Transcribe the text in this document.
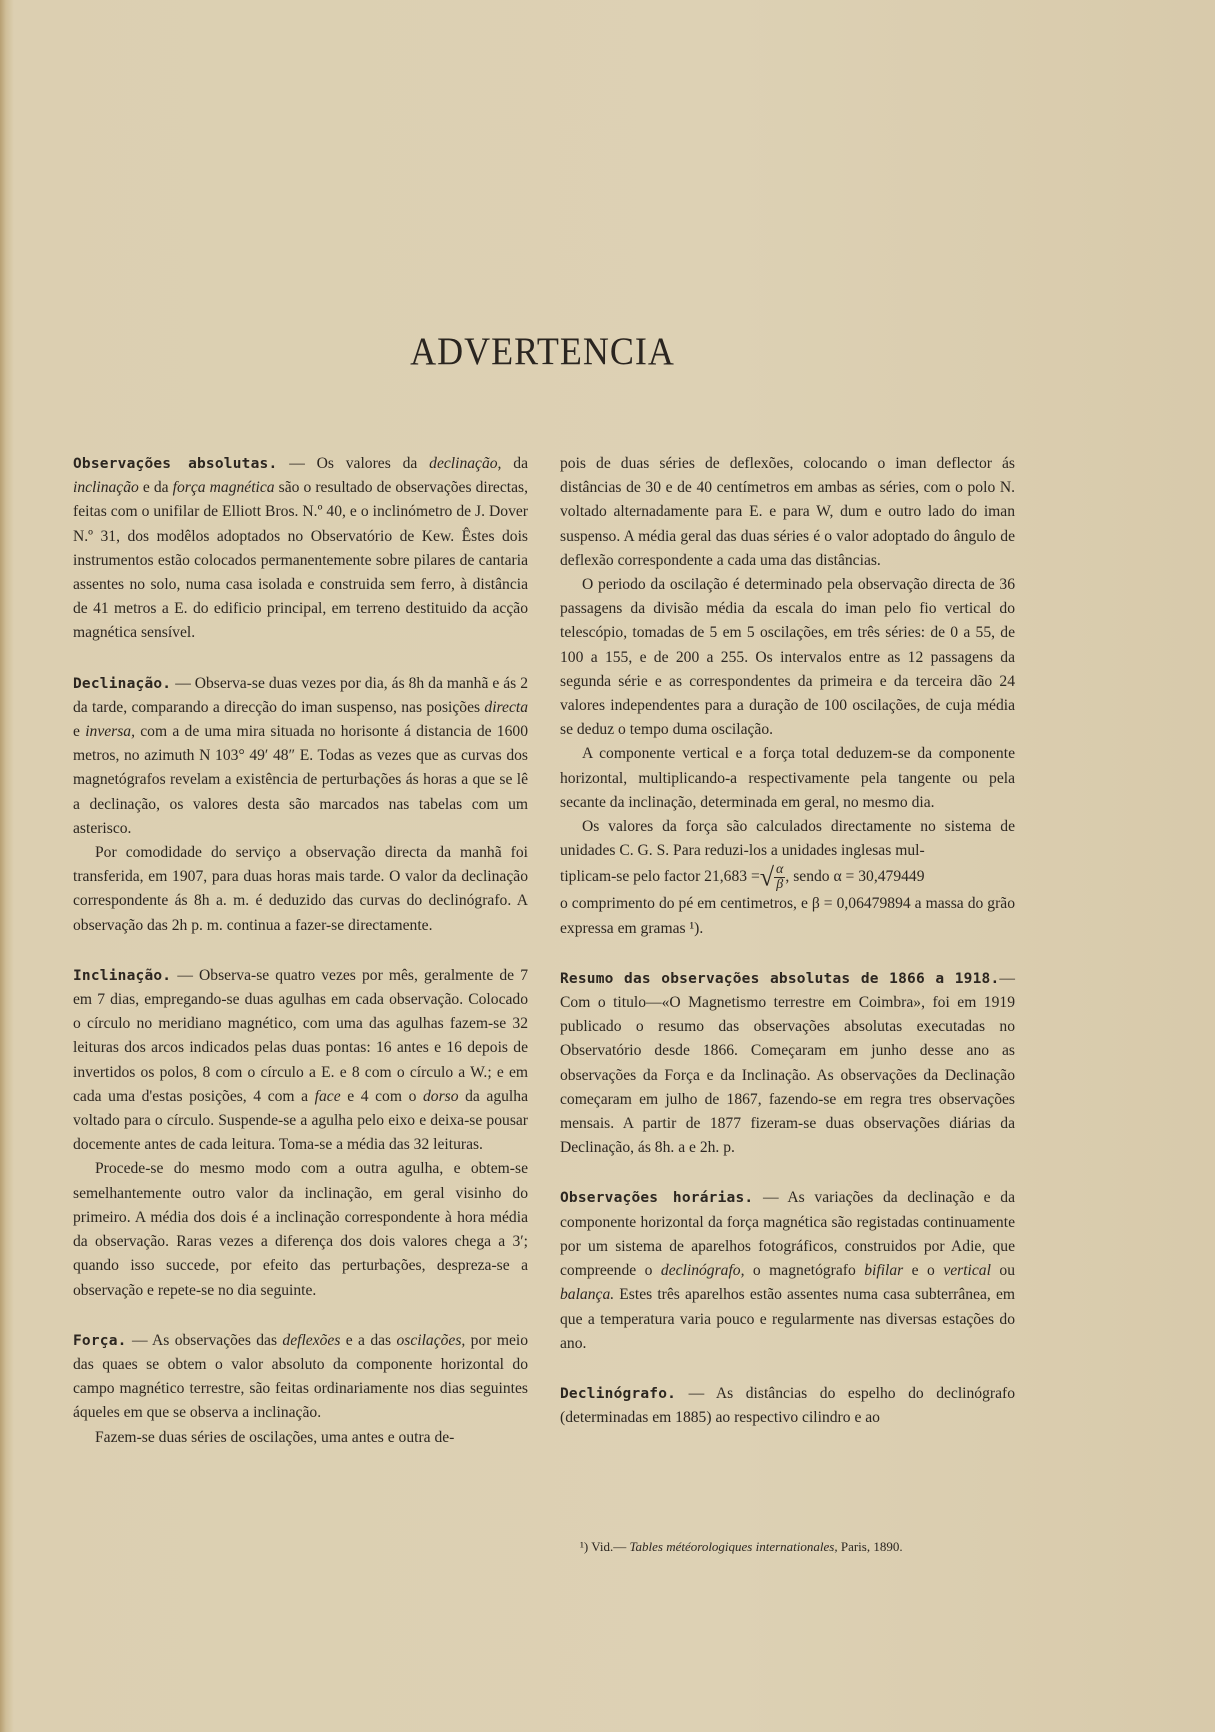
ADVERTENCIA

Observações absolutas. — Os valores da declinação, da inclinação e da força magnética são o resultado de observações directas, feitas com o unifilar de Elliott Bros. N.º 40, e o inclinómetro de J. Dover N.º 31, dos modêlos adoptados no Observatório de Kew. Êstes dois instrumentos estão colocados permanentemente sobre pilares de cantaria assentes no solo, numa casa isolada e construida sem ferro, à distância de 41 metros a E. do edificio principal, em terreno destituido da acção magnética sensível.

Declinação. — Observa-se duas vezes por dia, ás 8h da manhã e ás 2 da tarde, comparando a direcção do iman suspenso, nas posições directa e inversa, com a de uma mira situada no horisonte á distancia de 1600 metros, no azimuth N 103° 49′ 48″ E. Todas as vezes que as curvas dos magnetógrafos revelam a existência de perturbações ás horas a que se lê a declinação, os valores desta são marcados nas tabelas com um asterisco.

Por comodidade do serviço a observação directa da manhã foi transferida, em 1907, para duas horas mais tarde. O valor da declinação correspondente ás 8h a. m. é deduzido das curvas do declinógrafo. A observação das 2h p. m. continua a fazer-se directamente.

Inclinação. — Observa-se quatro vezes por mês, geralmente de 7 em 7 dias, empregando-se duas agulhas em cada observação. Colocado o círculo no meridiano magnético, com uma das agulhas fazem-se 32 leituras dos arcos indicados pelas duas pontas: 16 antes e 16 depois de invertidos os polos, 8 com o círculo a E. e 8 com o círculo a W.; e em cada uma d'estas posições, 4 com a face e 4 com o dorso da agulha voltado para o círculo. Suspende-se a agulha pelo eixo e deixa-se pousar docemente antes de cada leitura. Toma-se a média das 32 leituras.

Procede-se do mesmo modo com a outra agulha, e obtem-se semelhantemente outro valor da inclinação, em geral visinho do primeiro. A média dos dois é a inclinação correspondente à hora média da observação. Raras vezes a diferença dos dois valores chega a 3′; quando isso succede, por efeito das perturbações, despreza-se a observação e repete-se no dia seguinte.

Força. — As observações das deflexões e a das oscilações, por meio das quaes se obtem o valor absoluto da componente horizontal do campo magnético terrestre, são feitas ordinariamente nos dias seguintes áqueles em que se observa a inclinação.

Fazem-se duas séries de oscilações, uma antes e outra de-

pois de duas séries de deflexões, colocando o iman deflector ás distâncias de 30 e de 40 centímetros em ambas as séries, com o polo N. voltado alternadamente para E. e para W, dum e outro lado do iman suspenso. A média geral das duas séries é o valor adoptado do ângulo de deflexão correspondente a cada uma das distâncias.

O periodo da oscilação é determinado pela observação directa de 36 passagens da divisão média da escala do iman pelo fio vertical do telescópio, tomadas de 5 em 5 oscilações, em três séries: de 0 a 55, de 100 a 155, e de 200 a 255. Os intervalos entre as 12 passagens da segunda série e as correspondentes da primeira e da terceira dão 24 valores independentes para a duração de 100 oscilações, de cuja média se deduz o tempo duma oscilação.

A componente vertical e a força total deduzem-se da componente horizontal, multiplicando-a respectivamente pela tangente ou pela secante da inclinação, determinada em geral, no mesmo dia.

Os valores da força são calculados directamente no sistema de unidades C. G. S. Para reduzi-los a unidades inglesas mul-

tiplicam-se pelo factor 21,683 =√ $\frac{\alpha}{\beta}$ , sendo α = 30,479449

o comprimento do pé em centimetros, e β = 0,06479894 a massa do grão expressa em gramas ¹).

Resumo das observações absolutas de 1866 a 1918.—Com o titulo—«O Magnetismo terrestre em Coimbra», foi em 1919 publicado o resumo das observações absolutas executadas no Observatório desde 1866. Começaram em junho desse ano as observações da Força e da Inclinação. As observações da Declinação começaram em julho de 1867, fazendo-se em regra tres observações mensais. A partir de 1877 fizeram-se duas observações diárias da Declinação, ás 8h. a e 2h. p.

Observações horárias. — As variações da declinação e da componente horizontal da força magnética são registadas continuamente por um sistema de aparelhos fotográficos, construidos por Adie, que compreende o declinógrafo, o magnetógrafo bifilar e o vertical ou balança. Estes três aparelhos estão assentes numa casa subterrânea, em que a temperatura varia pouco e regularmente nas diversas estações do ano.

Declinógrafo. — As distâncias do espelho do declinógrafo (determinadas em 1885) ao respectivo cilindro e ao

¹) Vid.— Tables météorologiques internationales, Paris, 1890.
